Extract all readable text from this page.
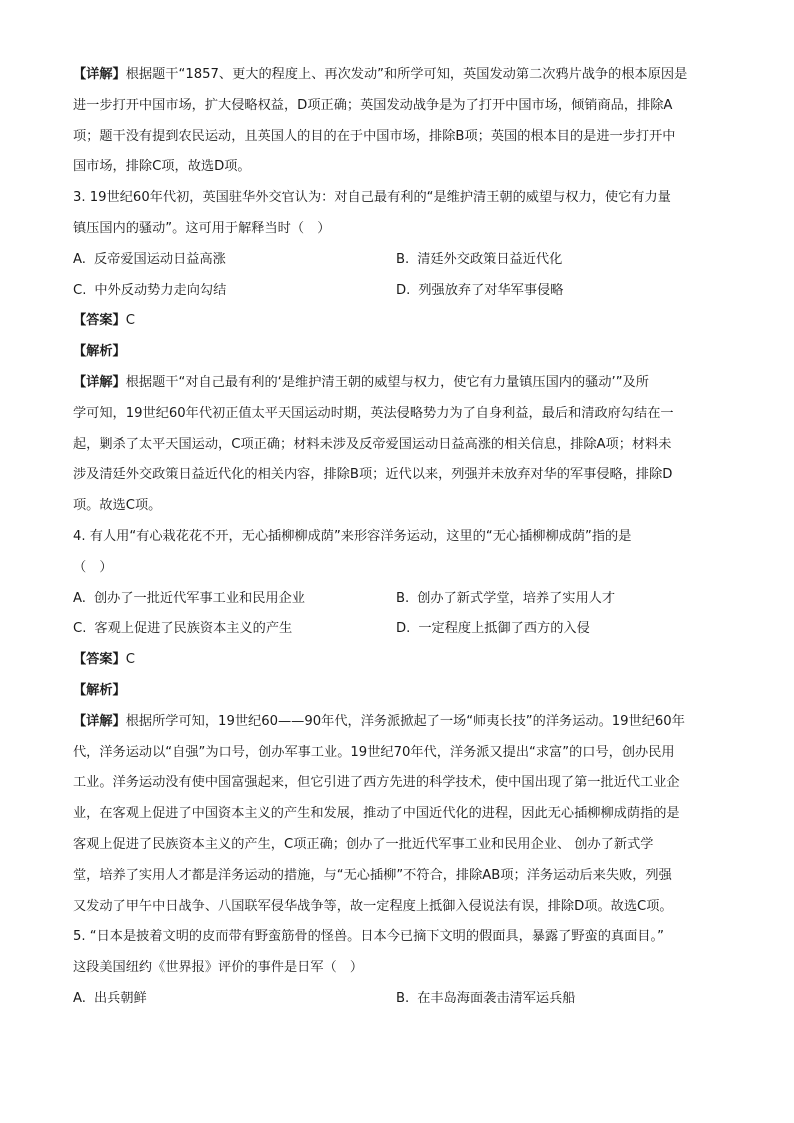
【详解】根据题干“1857、更大的程度上、再次发动”和所学可知，英国发动第二次鸦片战争的根本原因是
进一步打开中国市场，扩大侵略权益，D项正确；英国发动战争是为了打开中国市场，倾销商品，排除A
项；题干没有提到农民运动，且英国人的目的在于中国市场，排除B项；英国的根本目的是进一步打开中
国市场，排除C项，故选D项。
3. 19世纪60年代初，英国驻华外交官认为：对自己最有利的“是维护清王朝的威望与权力，使它有力量
镇压国内的骚动”。这可用于解释当时（　）
A. 反帝爱国运动日益高涨	B. 清廷外交政策日益近代化
C. 中外反动势力走向勾结	D. 列强放弃了对华军事侵略
【答案】C
【解析】
【详解】根据题干“对自己最有利的‘是维护清王朝的威望与权力，使它有力量镇压国内的骚动’”及所
学可知，19世纪60年代初正值太平天国运动时期，英法侵略势力为了自身利益，最后和清政府勾结在一
起，剿杀了太平天国运动，C项正确；材料未涉及反帝爱国运动日益高涨的相关信息，排除A项；材料未
涉及清廷外交政策日益近代化的相关内容，排除B项；近代以来，列强并未放弃对华的军事侵略，排除D
项。故选C项。
4. 有人用“有心栽花花不开，无心插柳柳成荫”来形容洋务运动，这里的“无心插柳柳成荫”指的是
（　）
A. 创办了一批近代军事工业和民用企业	B. 创办了新式学堂，培养了实用人才
C. 客观上促进了民族资本主义的产生	D. 一定程度上抵御了西方的入侵
【答案】C
【解析】
【详解】根据所学可知，19世纪60——90年代，洋务派掀起了一场“师夷长技”的洋务运动。19世纪60年
代，洋务运动以“自强”为口号，创办军事工业。19世纪70年代，洋务派又提出“求富”的口号，创办民用
工业。洋务运动没有使中国富强起来，但它引进了西方先进的科学技术，使中国出现了第一批近代工业企
业，在客观上促进了中国资本主义的产生和发展，推动了中国近代化的进程，因此无心插柳柳成荫指的是
客观上促进了民族资本主义的产生，C项正确；创办了一批近代军事工业和民用企业、 创办了新式学
堂，培养了实用人才都是洋务运动的措施，与“无心插柳”不符合，排除AB项；洋务运动后来失败，列强
又发动了甲午中日战争、八国联军侵华战争等，故一定程度上抵御入侵说法有误，排除D项。故选C项。
5. “日本是披着文明的皮而带有野蛮筋骨的怪兽。日本今已摘下文明的假面具，暴露了野蛮的真面目。”
这段美国纽约《世界报》评价的事件是日军（　）
A. 出兵朝鲜	B. 在丰岛海面袭击清军运兵船
